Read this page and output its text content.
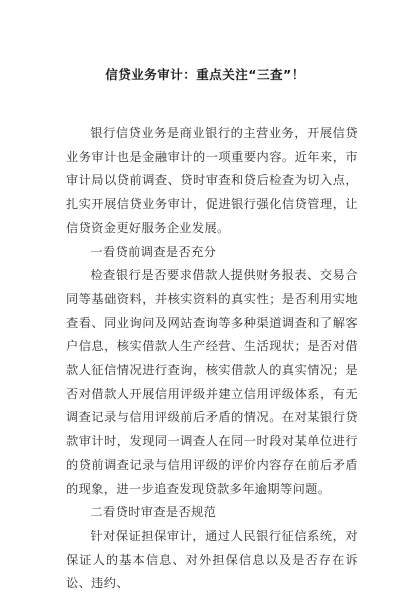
信贷业务审计：重点关注“三查”！

银行信贷业务是商业银行的主营业务，开展信贷业务审计也是金融审计的一项重要内容。近年来，市审计局以贷前调查、贷时审查和贷后检查为切入点，扎实开展信贷业务审计，促进银行强化信贷管理，让信贷资金更好服务企业发展。

一看贷前调查是否充分

检查银行是否要求借款人提供财务报表、交易合同等基础资料，并核实资料的真实性；是否利用实地查看、同业询问及网站查询等多种渠道调查和了解客户信息，核实借款人生产经营、生活现状；是否对借款人征信情况进行查询，核实借款人的真实情况；是否对借款人开展信用评级并建立信用评级体系，有无调查记录与信用评级前后矛盾的情况。在对某银行贷款审计时，发现同一调查人在同一时段对某单位进行的贷前调查记录与信用评级的评价内容存在前后矛盾的现象，进一步追查发现贷款多年逾期等问题。

二看贷时审查是否规范

针对保证担保审计，通过人民银行征信系统，对保证人的基本信息、对外担保信息以及是否存在诉讼、违约、
